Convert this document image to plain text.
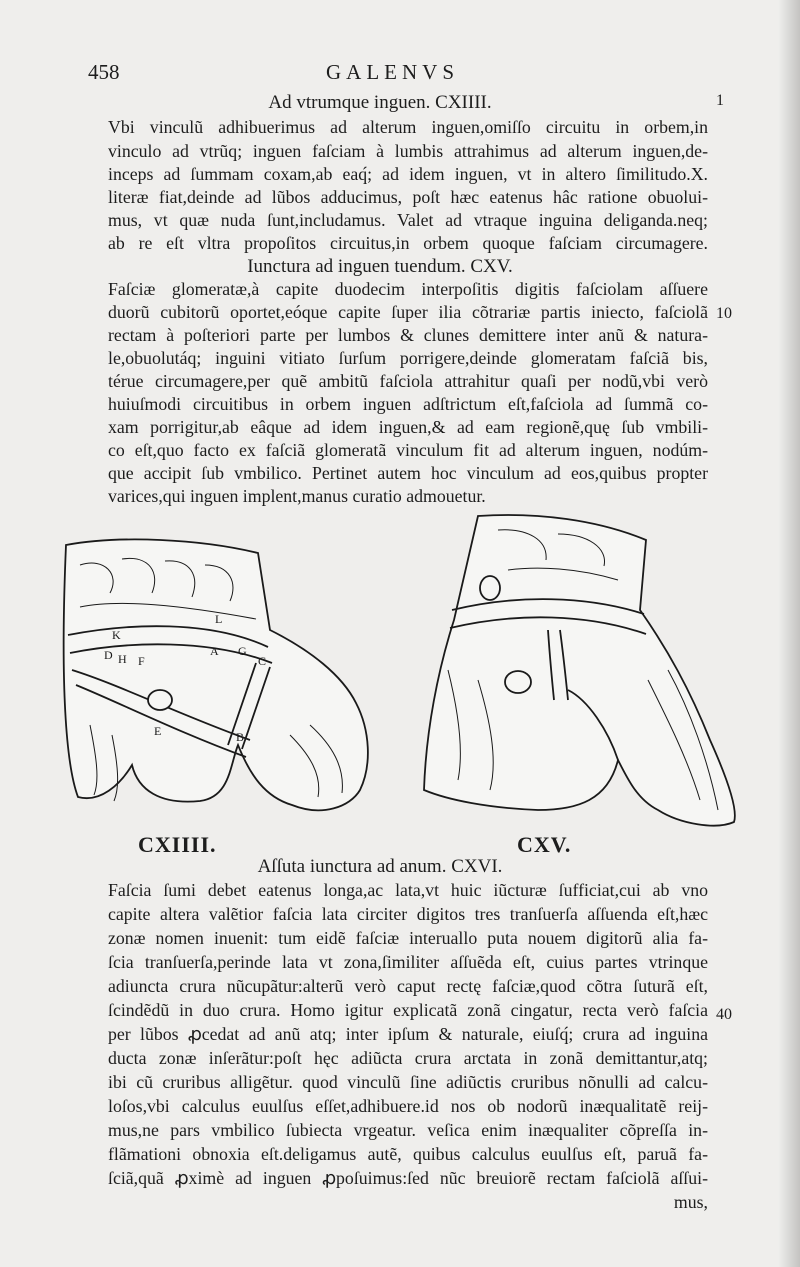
458	GALENVS
1
Ad vtrumque inguen. CXIIII.
Vbi vinculũ adhibuerimus ad alterum inguen,omiſſo circuitu in orbem,in
vinculo ad vtrũq; inguen faſciam à lumbis attrahimus ad alterum inguen,de-
inceps ad ſummam coxam,ab eaq́; ad idem inguen, vt in altero ſimilitudo.X.
literæ fiat,deinde ad lũbos adducimus, poſt hæc eatenus hâc ratione obuolui-
mus, vt quæ nuda ſunt,includamus. Valet ad vtraque inguina deliganda.neq;
ab re eſt vltra propoſitos circuitus,in orbem quoque faſciam circumagere.
Iunctura ad inguen tuendum. CXV.
Faſciæ glomeratæ,à capite duodecim interpoſitis digitis faſciolam aſſuere
duorũ cubitorũ oportet,eóque capite ſuper ilia cõtrariæ partis iniecto, faſciolã 10
rectam à poſteriori parte per lumbos & clunes demittere inter anũ & natura-
le,obuolutáq; inguini vitiato ſurſum porrigere,deinde glomeratam faſciã bis,
térue circumagere,per quẽ ambitũ faſciola attrahitur quaſi per nodũ,vbi verò
huiuſmodi circuitibus in orbem inguen adſtrictum eſt,faſciola ad ſummã co-
xam porrigitur,ab eâque ad idem inguen,& ad eam regionẽ,quę ſub vmbili-
co eſt,quo facto ex faſciã glomeratã vinculum fit ad alterum inguen, nodúm-
que accipit ſub vmbilico. Pertinet autem hoc vinculum ad eos,quibus propter
varices,qui inguen implent,manus curatio admouetur.
L
K
A
D H F
G
C
E	B
CXIIII.	CXV.
Aſſuta iunctura ad anum. CXVI.
Faſcia ſumi debet eatenus longa,ac lata,vt huic iũcturæ ſufficiat,cui ab vno
capite altera valẽtior faſcia lata circiter digitos tres tranſuerſa aſſuenda eſt,hæc
zonæ nomen inuenit: tum eidẽ faſciæ interuallo puta nouem digitorũ alia fa-
ſcia tranſuerſa,perinde lata vt zona,ſimiliter aſſuẽda eſt, cuius partes vtrinque
adiuncta crura nũcupãtur:alterũ verò caput rectę faſciæ,quod cõtra ſuturã eſt,
ſcindẽdũ in duo crura. Homo igitur explicatã zonã cingatur, recta verò faſcia 40
per lũbos ꝓcedat ad anũ atq; inter ipſum & naturale, eiuſq́; crura ad inguina
ducta zonæ inſerãtur:poſt hęc adiũcta crura arctata in zonã demittantur,atq;
ibi cũ cruribus alligẽtur. quod vinculũ ſine adiũctis cruribus nõnulli ad calcu-
loſos,vbi calculus euulſus eſſet,adhibuere.id nos ob nodorũ inæqualitatẽ reij-
mus,ne pars vmbilico ſubiecta vrgeatur. veſica enim inæqualiter cõpreſſa in-
flãmationi obnoxia eſt.deligamus autẽ, quibus calculus euulſus eſt, paruã fa-
ſciã,quã ꝓximè ad inguen ꝓpoſuimus:ſed nũc breuiorẽ rectam faſciolã aſſui-
mus,
